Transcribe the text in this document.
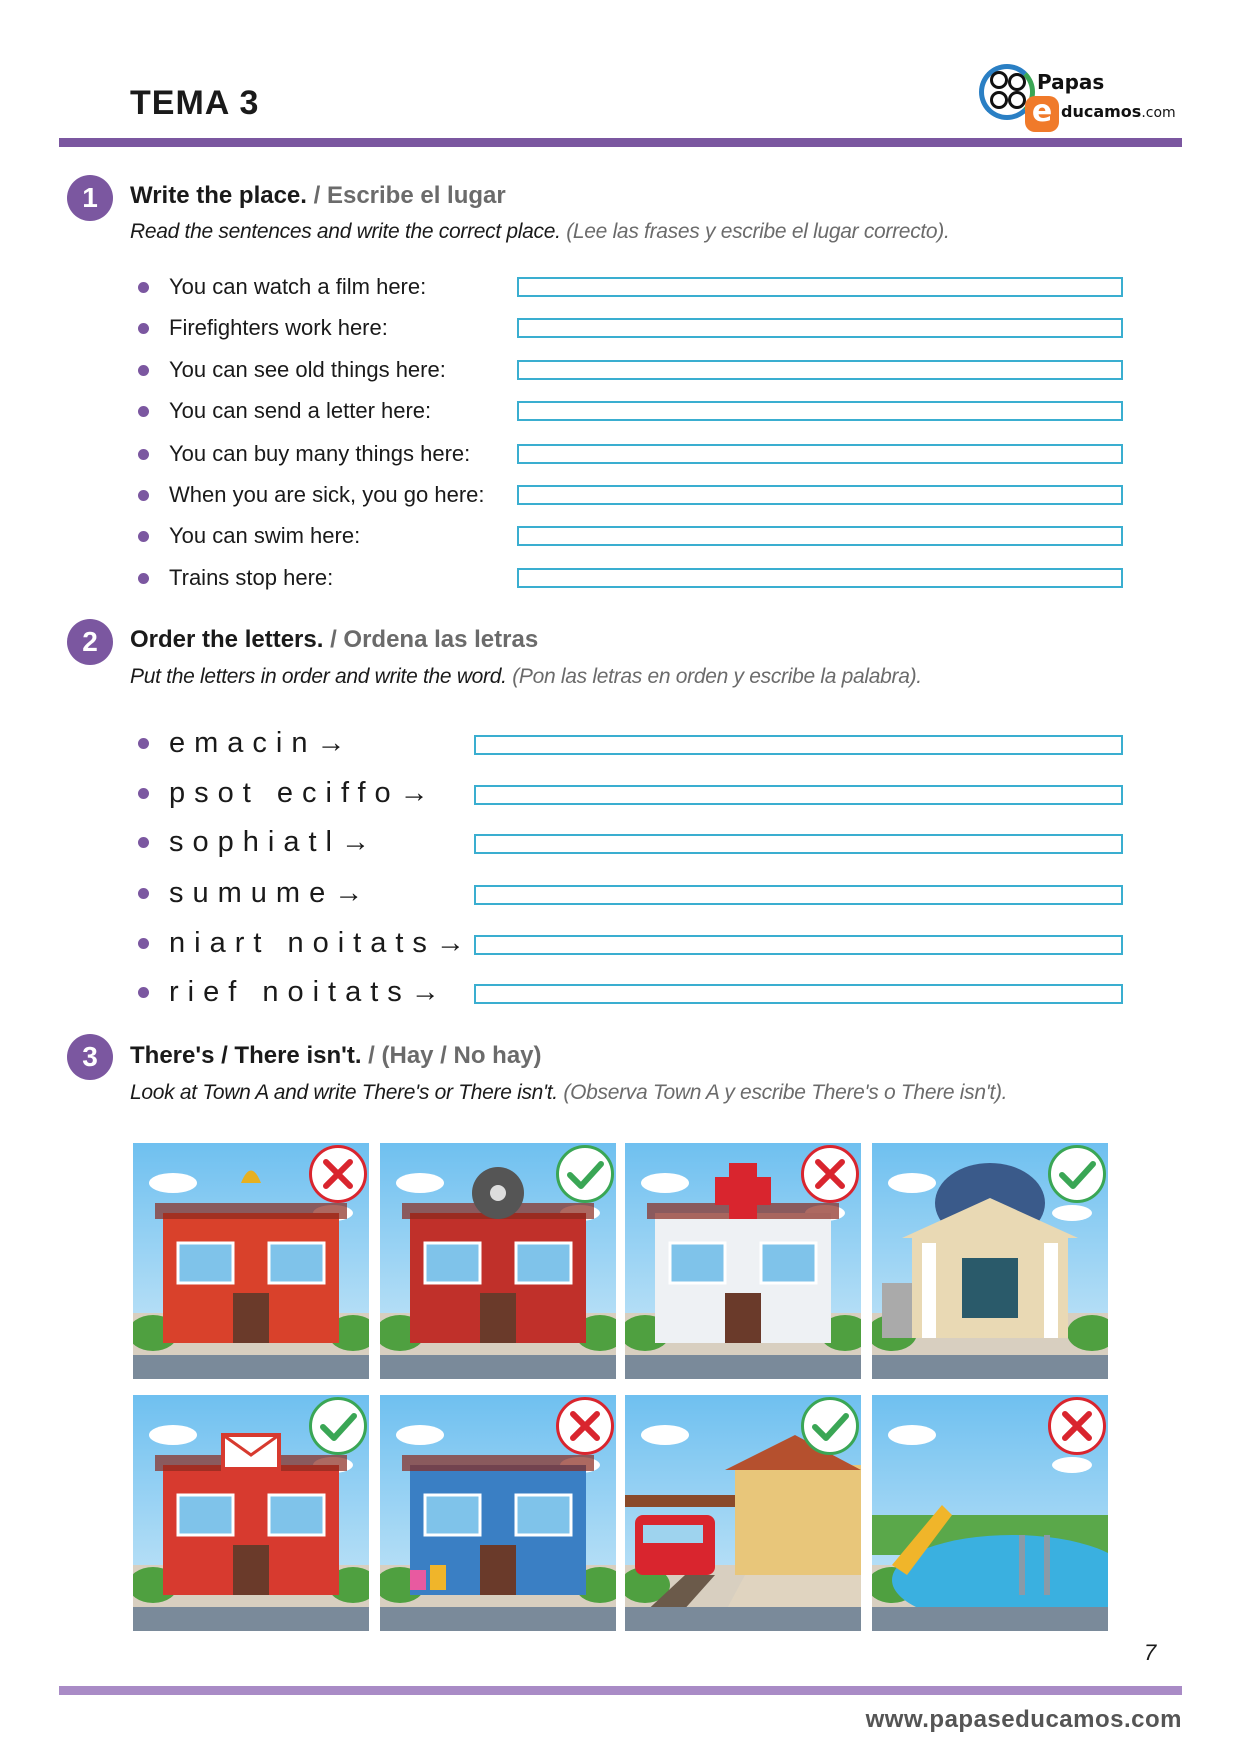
TEMA 3
Papas
e ducamos.com
1	Write the place. / Escribe el lugar
Read the sentences and write the correct place. (Lee las frases y escribe el lugar correcto).
You can watch a film here:
Firefighters work here:
You can see old things here:
You can send a letter here:
You can buy many things here:
When you are sick, you go here:
You can swim here:
Trains stop here:
2	Order the letters. / Ordena las letras
Put the letters in order and write the word. (Pon las letras en orden y escribe la palabra).
emacin→
psot eciffo→
sophiatl→
sumume→
niart noitats→
rief noitats→
3	There's / There isn't. / (Hay / No hay)
Look at Town A and write There's or There isn't. (Observa Town A y escribe There's o There isn't).
7
www.papaseducamos.com
